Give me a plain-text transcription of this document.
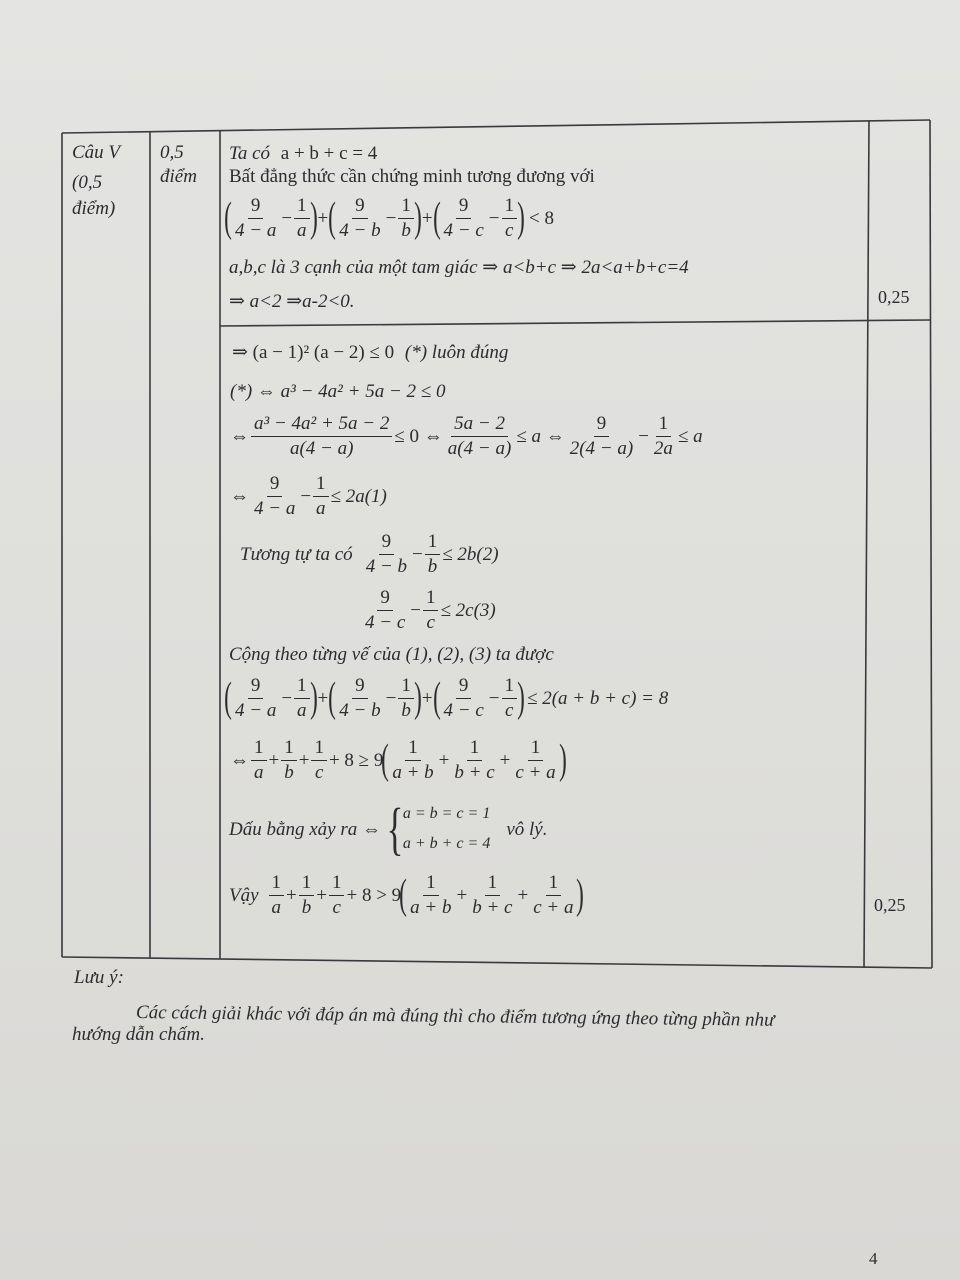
Câu V
(0,5
điểm)
0,5
điểm
Ta có a + b + c = 4
Bất đẳng thức cần chứng minh tương đương với
( $\frac{9}{4 - a} - \frac{1}{a}$ ) + ( $\frac{9}{4 - b} - \frac{1}{b}$ ) + ( $\frac{9}{4 - c} - \frac{1}{c}$ ) < 8
a,b,c là 3 cạnh của một tam giác ⇒ a<b+c ⇒ 2a<a+b+c=4
⇒ a<2 ⇒a-2<0.	0,25
⇒ (a − 1)² (a − 2) ≤ 0 (*) luôn đúng
(*) ⇔ a³ − 4a² + 5a − 2 ≤ 0
⇔ $\frac{\text{a³ − 4a² + 5a − 2}}{a(4 - a)} \le 0$ ⇔ $\frac{5a - 2}{a(4 - a)} \le a$ ⇔ $\frac{9}{2(4 - a)} - \frac{1}{2a} \le a$
⇔ $\frac{9}{4 - a} - \frac{1}{a} \le 2a(1)$
Tương tự ta có $\frac{9}{4 - b} - \frac{1}{b} \le 2b(2)$
$\frac{9}{4 - c} - \frac{1}{c} \le 2c(3)$
Cộng theo từng vế của (1), (2), (3) ta được
( $\frac{9}{4 - a} - \frac{1}{a}$ ) + ( $\frac{9}{4 - b} - \frac{1}{b}$ ) + ( $\frac{9}{4 - c} - \frac{1}{c}$ ) ≤ 2(a + b + c) = 8
⇔ $\frac{1}{a} + \frac{1}{b} + \frac{1}{c} + 8 \ge 9$
( $\frac{1}{a + b} + \frac{1}{b + c} + \frac{1}{c + a}$ )
Dấu bằng xảy ra ⇔ { a = b = c = 1
a + b + c = 4
vô lý.
Vậy $\frac{1}{a} + \frac{1}{b} + \frac{1}{c} + 8 > 9$
( $\frac{1}{a + b} + \frac{1}{b + c} + \frac{1}{c + a}$ )	0,25
Lưu ý:
Các cách giải khác với đáp án mà đúng thì cho điểm tương ứng theo từng phần như
hướng dẫn chấm.
4
